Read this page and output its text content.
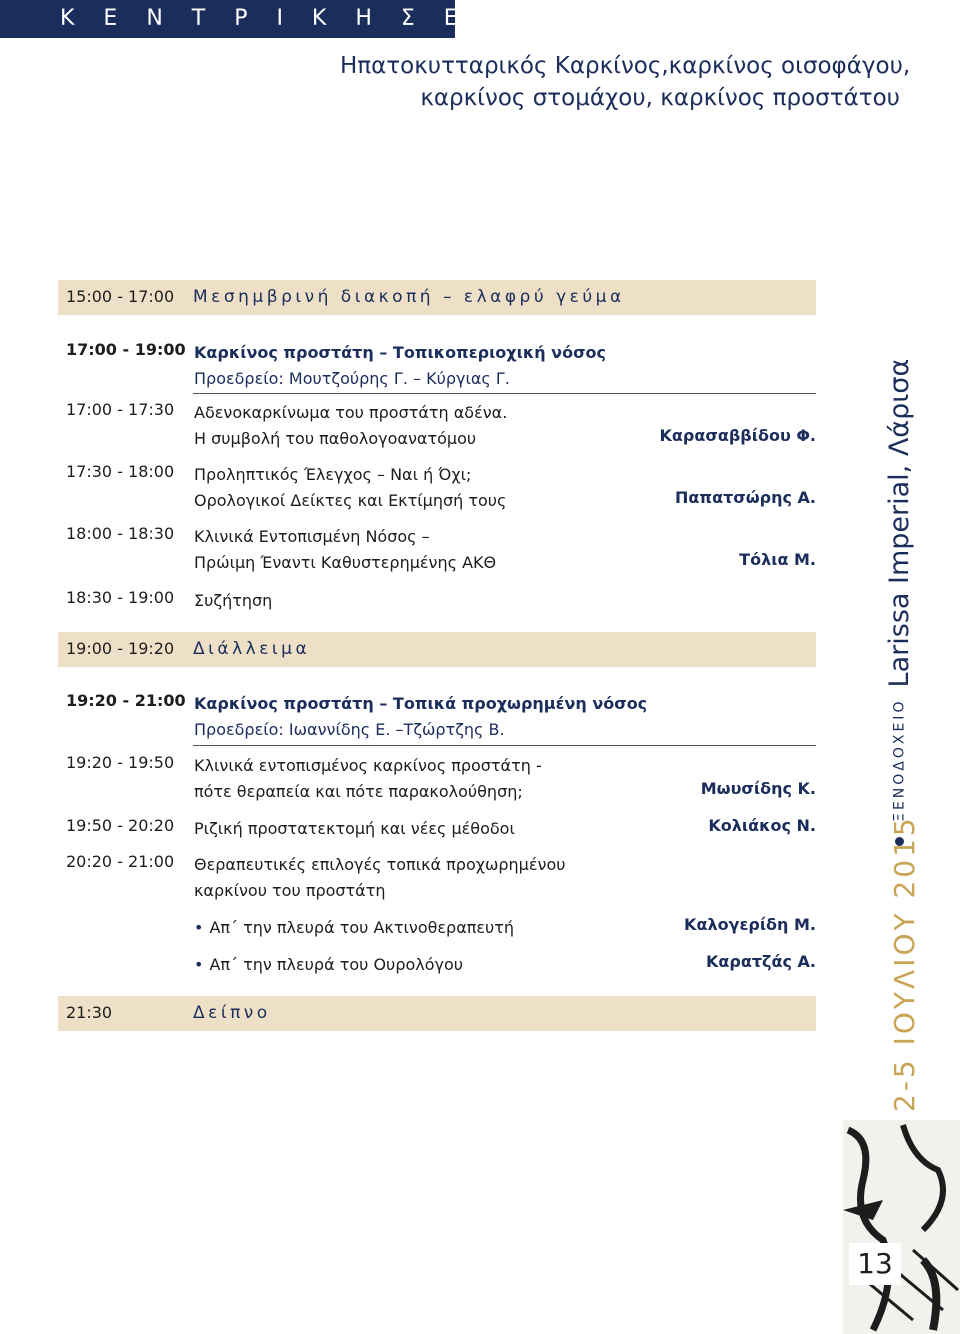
Κ Ε Ν Τ Ρ Ι Κ Η Σ Ε Λ Λ Α Δ Ο Σ
Ηπατοκυτταρικός Καρκίνος,καρκίνος οισοφάγου,
καρκίνος στομάχου, καρκίνος προστάτου
15:00 - 17:00 Μεσημβρινή διακοπή – ελαφρύ γεύμα
17:00 - 19:00 Καρκίνος προστάτη – Τοπικοπεριοχική νόσος
Προεδρείο: Μουτζούρης Γ. – Κύργιας Γ.
17:00 - 17:30 Αδενοκαρκίνωμα του προστάτη αδένα.
Η συμβολή του παθολογοανατόμου	Καρασαββίδου Φ.
17:30 - 18:00 Προληπτικός Έλεγχος – Ναι ή Όχι;
Ορολογικοί Δείκτες και Εκτίμησή τους	Παπατσώρης Α.
18:00 - 18:30 Κλινικά Εντοπισμένη Νόσος –
Πρώιμη Έναντι Καθυστερημένης ΑΚΘ	Τόλια Μ.
18:30 - 19:00 Συζήτηση
19:00 - 19:20 Διάλλειμα
19:20 - 21:00 Καρκίνος προστάτη – Τοπικά προχωρημένη νόσος
Προεδρείο: Ιωαννίδης Ε. –Τζώρτζης Β.
19:20 - 19:50 Κλινικά εντοπισμένος καρκίνος προστάτη -
πότε θεραπεία και πότε παρακολούθηση;	Μωυσίδης Κ.
19:50 - 20:20 Ριζική προστατεκτομή και νέες μέθοδοι	Κολιάκος Ν.
20:20 - 21:00 Θεραπευτικές επιλογές τοπικά προχωρημένου
καρκίνου του προστάτη
• Απ΄ την πλευρά του Ακτινοθεραπευτή	Καλογερίδη Μ.
• Απ΄ την πλευρά του Ουρολόγου	Καρατζάς Α.
21:30	Δείπνο
ΞΕΝΟΔΟΧΕΙΟ Larissa Imperial, Λάρισα
2-5 ΙΟΥΛΙΟΥ 2015
13
